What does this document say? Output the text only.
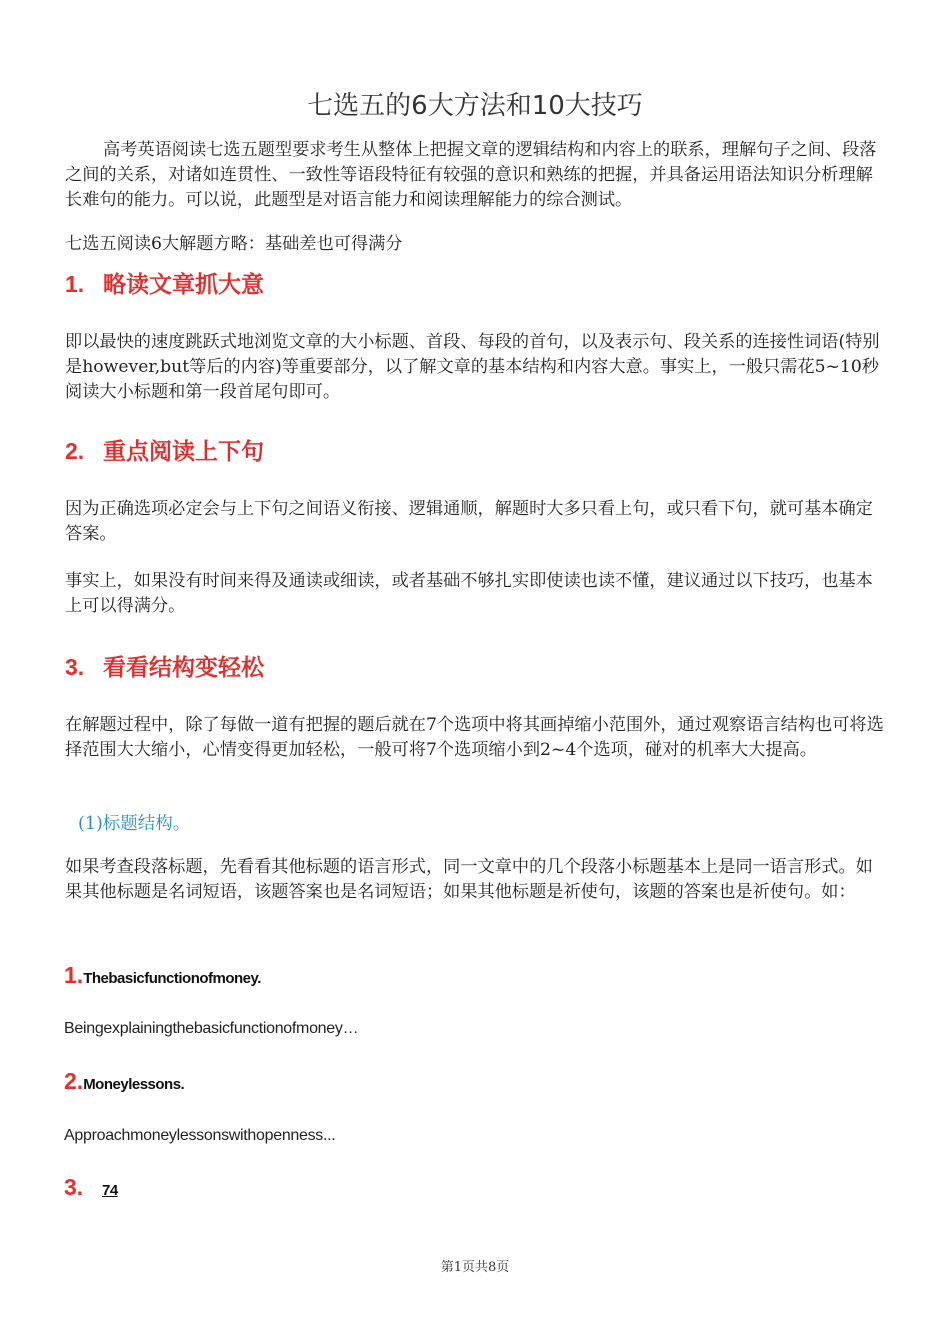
七选五的6大方法和10大技巧

高考英语阅读七选五题型要求考生从整体上把握文章的逻辑结构和内容上的联系，理解句子之间、段落之间的关系，对诸如连贯性、一致性等语段特征有较强的意识和熟练的把握，并具备运用语法知识分析理解长难句的能力。可以说，此题型是对语言能力和阅读理解能力的综合测试。

七选五阅读6大解题方略：基础差也可得满分

1. 略读文章抓大意

即以最快的速度跳跃式地浏览文章的大小标题、首段、每段的首句，以及表示句、段关系的连接性词语(特别是however,but等后的内容)等重要部分，以了解文章的基本结构和内容大意。事实上，一般只需花5~10秒阅读大小标题和第一段首尾句即可。

2. 重点阅读上下句

因为正确选项必定会与上下句之间语义衔接、逻辑通顺，解题时大多只看上句，或只看下句，就可基本确定答案。

事实上，如果没有时间来得及通读或细读，或者基础不够扎实即使读也读不懂，建议通过以下技巧，也基本上可以得满分。

3. 看看结构变轻松

在解题过程中，除了每做一道有把握的题后就在7个选项中将其画掉缩小范围外，通过观察语言结构也可将选择范围大大缩小，心情变得更加轻松，一般可将7个选项缩小到2~4个选项，碰对的机率大大提高。

(1)标题结构。

如果考查段落标题，先看看其他标题的语言形式，同一文章中的几个段落小标题基本上是同一语言形式。如果其他标题是名词短语，该题答案也是名词短语；如果其他标题是祈使句，该题的答案也是祈使句。如：

1.Thebasicfunctionofmoney.

Beingexplainingthebasicfunctionofmoney…

2.Moneylessons.

Approachmoneylessonswithopenness...

3. 74

第1页共8页
